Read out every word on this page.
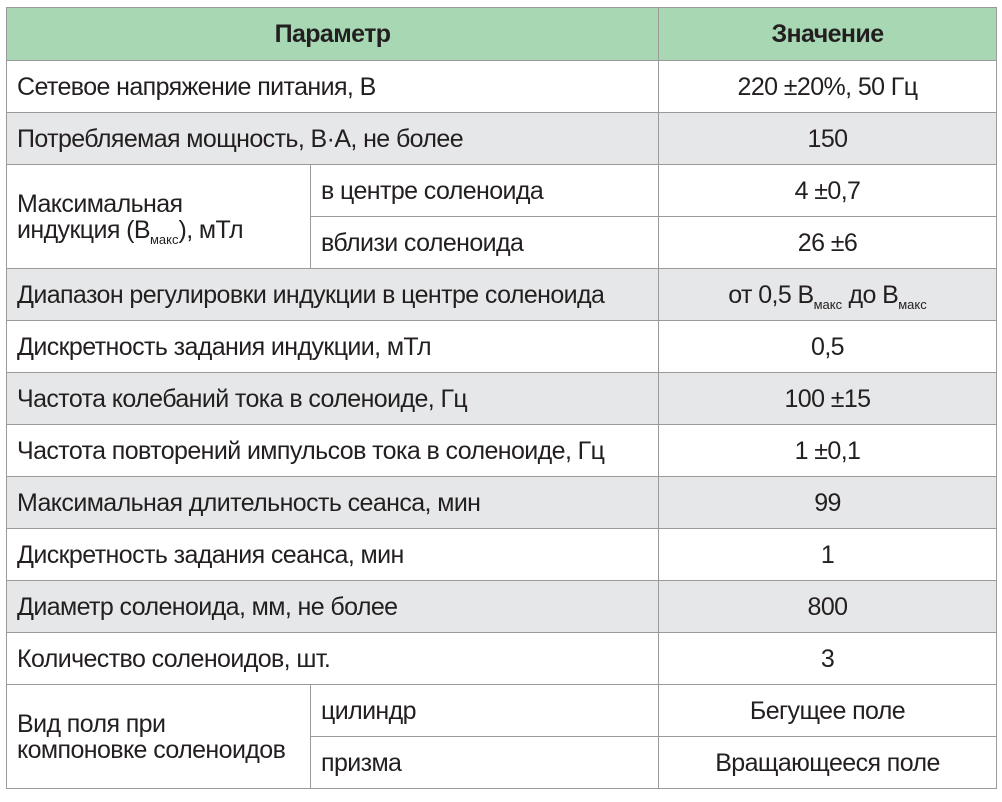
Параметр		Значение
Сетевое напряжение питания, В		220 ±20%, 50 Гц
Потребляемая мощность, В·А, не более		150
Максимальная
индукция $(B_{макс})$, мТл	в центре соленоида	4 ±0,7
	вблизи соленоида	26 ±6
Диапазон регулировки индукции в центре соленоида		от 0,5 $B_{макс}$ до $B_{макс}$
Дискретность задания индукции, мТл		0,5
Частота колебаний тока в соленоиде, Гц		100 ±15
Частота повторений импульсов тока в соленоиде, Гц		1 ±0,1
Максимальная длительность сеанса, мин		99
Дискретность задания сеанса, мин		1
Диаметр соленоида, мм, не более		800
Количество соленоидов, шт.		3
Вид поля при
компоновке соленоидов	цилиндр	Бегущее поле
	призма	Вращающееся поле
